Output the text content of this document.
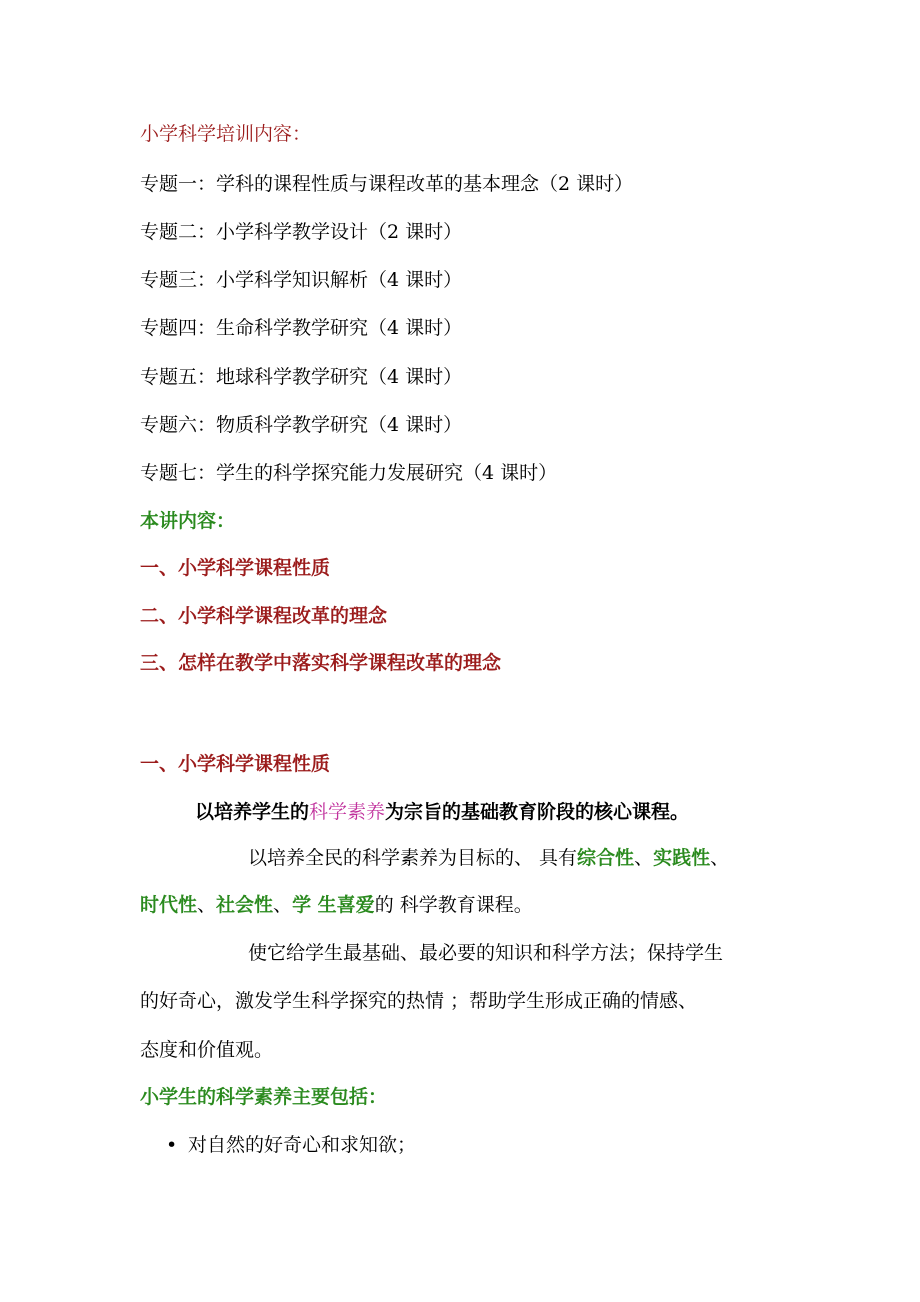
小学科学培训内容：
专题一：学科的课程性质与课程改革的基本理念（2 课时）
专题二：小学科学教学设计（2 课时）
专题三：小学科学知识解析（4 课时）
专题四：生命科学教学研究（4 课时）
专题五：地球科学教学研究（4 课时）
专题六：物质科学教学研究（4 课时）
专题七：学生的科学探究能力发展研究（4 课时）
本讲内容：
一、小学科学课程性质
二、小学科学课程改革的理念
三、怎样在教学中落实科学课程改革的理念
一、小学科学课程性质
以培养学生的科学素养为宗旨的基础教育阶段的核心课程。
以培养全民的科学素养为目标的、 具有综合性、实践性、
时代性、社会性、学 生喜爱的 科学教育课程。
使它给学生最基础、最必要的知识和科学方法；保持学生
的好奇心，激发学生科学探究的热情 ；帮助学生形成正确的情感、
态度和价值观。
小学生的科学素养主要包括：
• 对自然的好奇心和求知欲；
